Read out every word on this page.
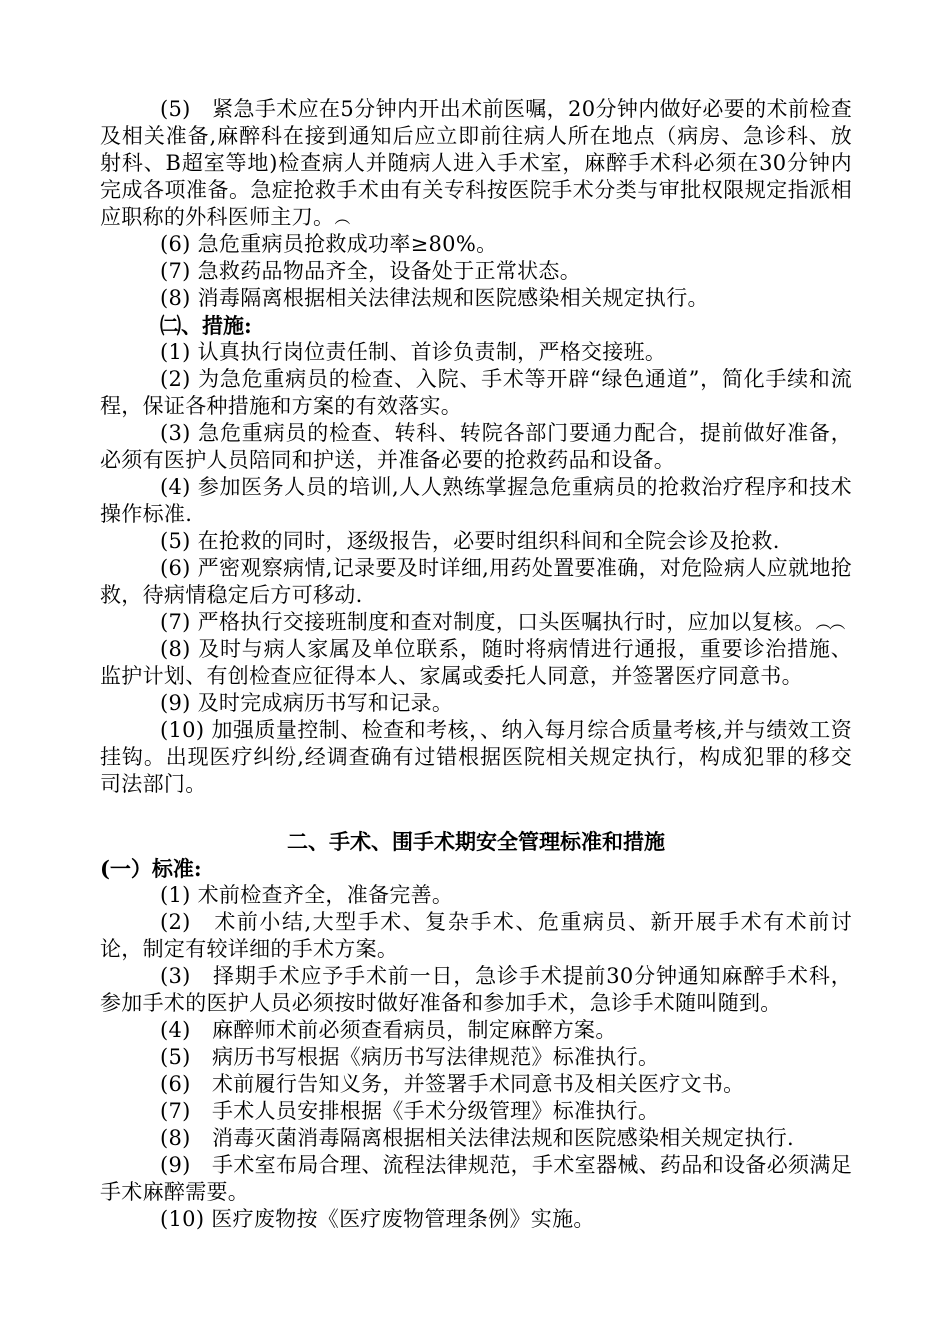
(5)　紧急手术应在5分钟内开出术前医嘱，20分钟内做好必要的术前检查及相关准备,麻醉科在接到通知后应立即前往病人所在地点（病房、急诊科、放射科、B超室等地)检查病人并随病人进入手术室，麻醉手术科必须在30分钟内完成各项准备。急症抢救手术由有关专科按医院手术分类与审批权限规定指派相应职称的外科医师主刀。︵

(6) 急危重病员抢救成功率≥80%。

(7) 急救药品物品齐全，设备处于正常状态。

(8) 消毒隔离根据相关法律法规和医院感染相关规定执行。

㈡、措施:

(1) 认真执行岗位责任制、首诊负责制，严格交接班。

(2) 为急危重病员的检查、入院、手术等开辟“绿色通道”，简化手续和流程，保证各种措施和方案的有效落实。

(3) 急危重病员的检查、转科、转院各部门要通力配合，提前做好准备，必须有医护人员陪同和护送，并准备必要的抢救药品和设备。

(4) 参加医务人员的培训,人人熟练掌握急危重病员的抢救治疗程序和技术操作标准.

(5) 在抢救的同时，逐级报告，必要时组织科间和全院会诊及抢救.

(6) 严密观察病情,记录要及时详细,用药处置要准确，对危险病人应就地抢救，待病情稳定后方可移动.

(7) 严格执行交接班制度和查对制度，口头医嘱执行时，应加以复核。︵︵

(8) 及时与病人家属及单位联系，随时将病情进行通报，重要诊治措施、监护计划、有创检查应征得本人、家属或委托人同意，并签署医疗同意书。

(9) 及时完成病历书写和记录。

(10) 加强质量控制、检查和考核，、纳入每月综合质量考核,并与绩效工资挂钩。出现医疗纠纷,经调查确有过错根据医院相关规定执行，构成犯罪的移交司法部门。

二、手术、围手术期安全管理标准和措施

(一）标准:

(1) 术前检查齐全，准备完善。

(2)　术前小结,大型手术、复杂手术、危重病员、新开展手术有术前讨论，制定有较详细的手术方案。

(3)　择期手术应予手术前一日，急诊手术提前30分钟通知麻醉手术科，参加手术的医护人员必须按时做好准备和参加手术，急诊手术随叫随到。

(4)　麻醉师术前必须查看病员，制定麻醉方案。

(5)　病历书写根据《病历书写法律规范》标准执行。

(6)　术前履行告知义务，并签署手术同意书及相关医疗文书。

(7)　手术人员安排根据《手术分级管理》标准执行。

(8)　消毒灭菌消毒隔离根据相关法律法规和医院感染相关规定执行.

(9)　手术室布局合理、流程法律规范，手术室器械、药品和设备必须满足手术麻醉需要。

(10) 医疗废物按《医疗废物管理条例》实施。
